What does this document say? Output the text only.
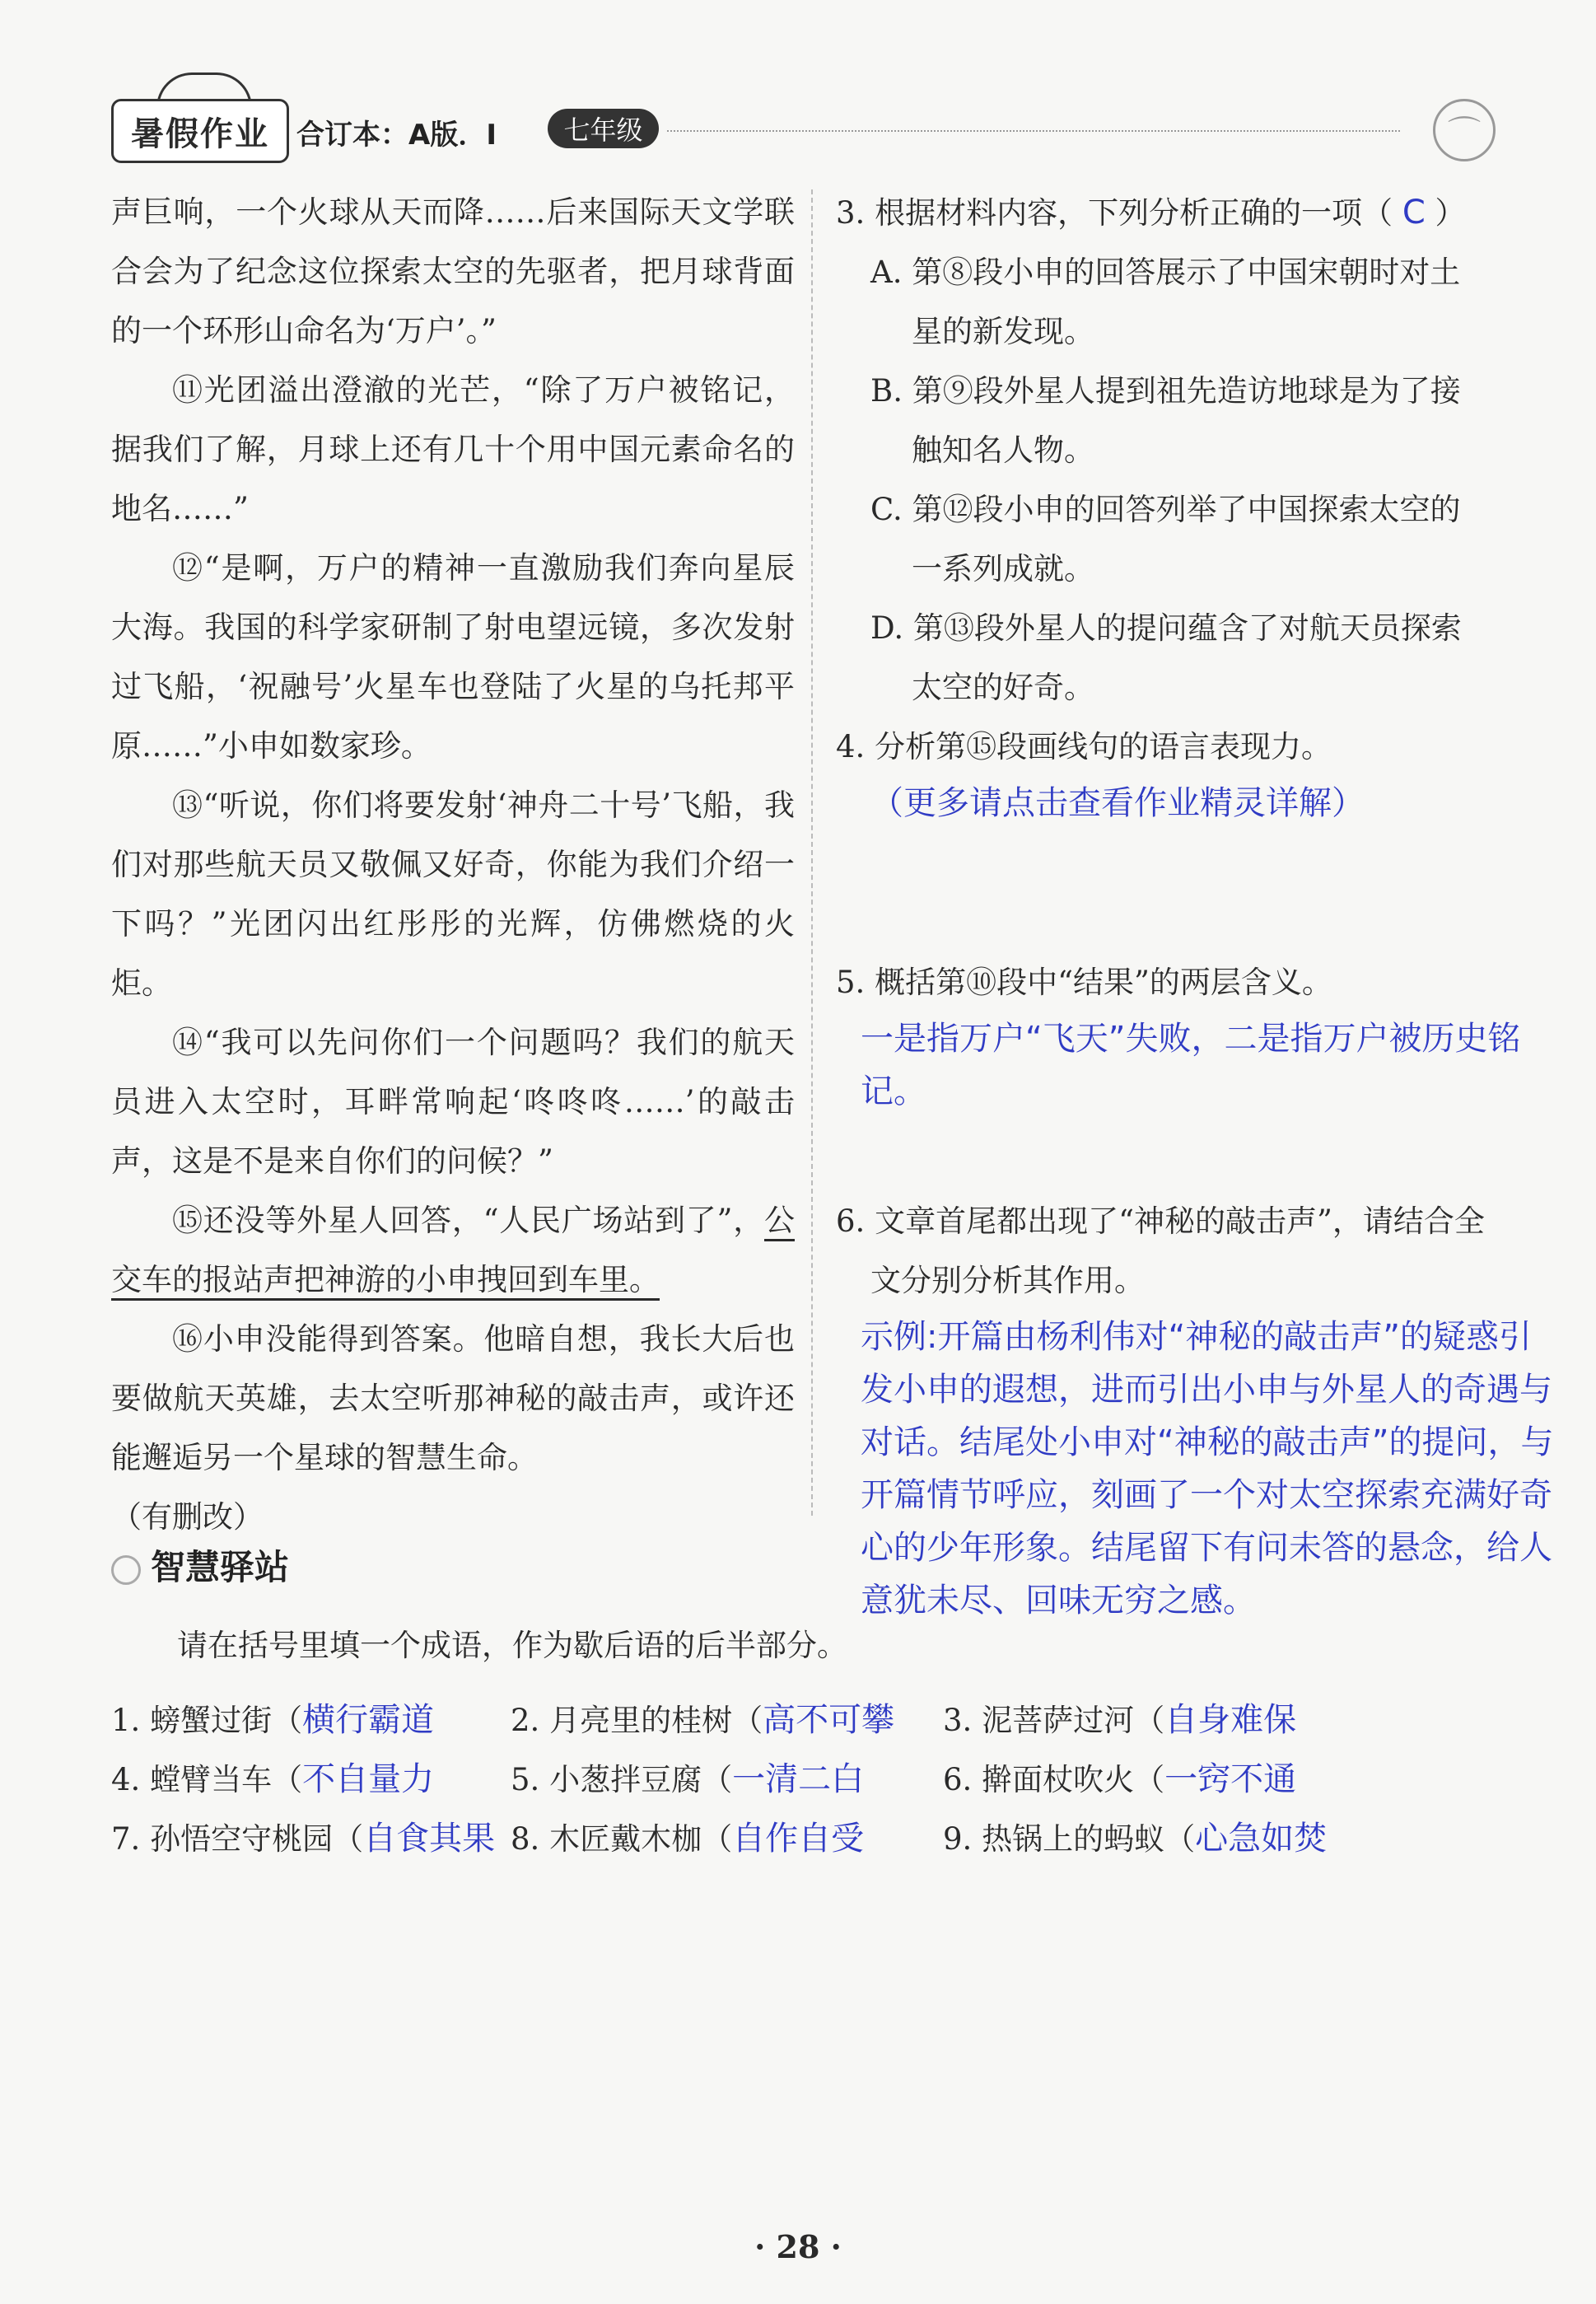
暑假作业 合订本：A版．I	七年级	⌒

声巨响，一个火球从天而降……后来国际天文学联合会为了纪念这位探索太空的先驱者，把月球背面的一个环形山命名为‘万户’。”

⑪光团溢出澄澈的光芒，“除了万户被铭记，据我们了解，月球上还有几十个用中国元素命名的地名……”

⑫“是啊，万户的精神一直激励我们奔向星辰大海。我国的科学家研制了射电望远镜，多次发射过飞船，‘祝融号’火星车也登陆了火星的乌托邦平原……”小申如数家珍。

⑬“听说，你们将要发射‘神舟二十号’飞船，我们对那些航天员又敬佩又好奇，你能为我们介绍一下吗？”光团闪出红彤彤的光辉，仿佛燃烧的火炬。

⑭“我可以先问你们一个问题吗？我们的航天员进入太空时，耳畔常响起‘咚咚咚……’的敲击声，这是不是来自你们的问候？”

⑮还没等外星人回答，“人民广场站到了”，公交车的报站声把神游的小申拽回到车里。

⑯小申没能得到答案。他暗自想，我长大后也要做航天英雄，去太空听那神秘的敲击声，或许还能邂逅另一个星球的智慧生命。

（有删改）

3. 根据材料内容，下列分析正确的一项（ C ）

A. 第⑧段小申的回答展示了中国宋朝时对土

星的新发现。

B. 第⑨段外星人提到祖先造访地球是为了接

触知名人物。

C. 第⑫段小申的回答列举了中国探索太空的

一系列成就。

D. 第⑬段外星人的提问蕴含了对航天员探索

太空的好奇。

4. 分析第⑮段画线句的语言表现力。

（更多请点击查看作业精灵详解）

5. 概括第⑩段中“结果”的两层含义。

一是指万户“飞天”失败，二是指万户被历史铭记。

6. 文章首尾都出现了“神秘的敲击声”，请结合全

文分别分析其作用。

示例:开篇由杨利伟对“神秘的敲击声”的疑惑引发小申的遐想，进而引出小申与外星人的奇遇与对话。结尾处小申对“神秘的敲击声”的提问，与开篇情节呼应，刻画了一个对太空探索充满好奇心的少年形象。结尾留下有问未答的悬念，给人意犹未尽、回味无穷之感。

智慧驿站
请在括号里填一个成语，作为歇后语的后半部分。
1. 螃蟹过街（横行霸道	2. 月亮里的桂树（高不可攀	3. 泥菩萨过河（自身难保
4. 螳臂当车（不自量力	5. 小葱拌豆腐（一清二白	6. 擀面杖吹火（一窍不通
7. 孙悟空守桃园（自食其果 8. 木匠戴木枷（自作自受	9. 热锅上的蚂蚁（心急如焚
· 28 ·
